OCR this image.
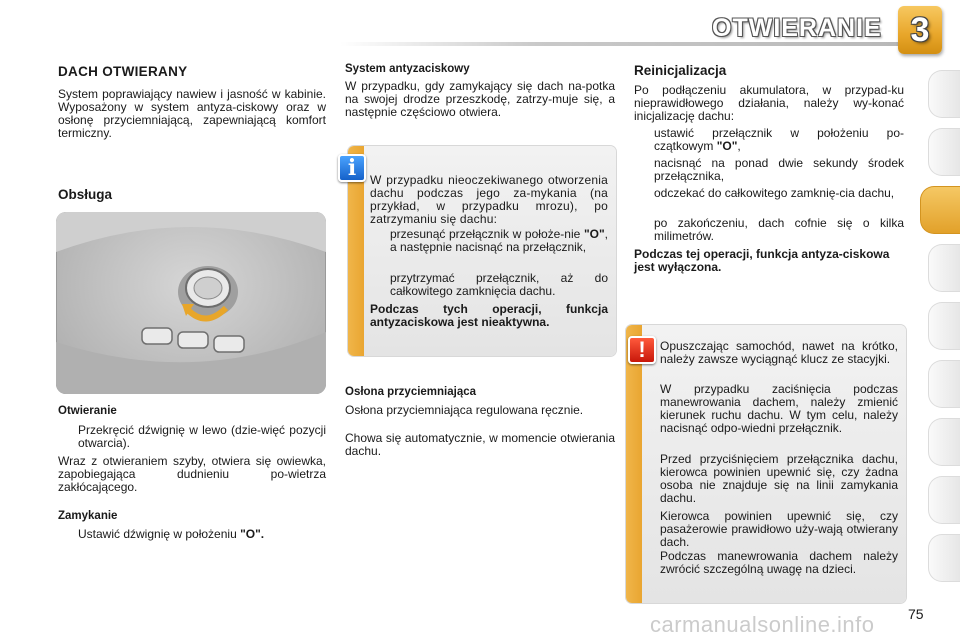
OTWIERANIE 3
DACH OTWIERANY
System poprawiający nawiew i jasność w kabinie. Wyposażony w system antyza-ciskowy oraz w osłonę przyciemniającą, zapewniającą komfort termiczny.
Obsługa
Otwieranie
Przekręcić dźwignię w lewo (dzie-więć pozycji otwarcia).
Wraz z otwieraniem szyby, otwiera się owiewka, zapobiegająca dudnieniu po-wietrza zakłócającego.
Zamykanie
Ustawić dźwignię w położeniu "O".
System antyzaciskowy
W przypadku, gdy zamykający się dach na-potka na swojej drodze przeszkodę, zatrzy-muje się, a następnie częściowo otwiera.
i	W przypadku nieoczekiwanego otworzenia dachu podczas jego za-mykania (na przykład, w przypadku mrozu), po zatrzymaniu się dachu:
przesunąć przełącznik w położe-nie "O", a następnie nacisnąć na przełącznik,
przytrzymać przełącznik, aż do całkowitego zamknięcia dachu.
Podczas tych operacji, funkcja antyzaciskowa jest nieaktywna.
Osłona przyciemniająca
Osłona przyciemniająca regulowana ręcznie.
Chowa się automatycznie, w momencie otwierania dachu.
Reinicjalizacja
Po podłączeniu akumulatora, w przypad-ku nieprawidłowego działania, należy wy-konać inicjalizację dachu:
ustawić przełącznik w położeniu po-czątkowym "O",
nacisnąć na ponad dwie sekundy środek przełącznika,
odczekać do całkowitego zamknię-cia dachu,
po zakończeniu, dach cofnie się o kilka milimetrów.
Podczas tej operacji, funkcja antyza-ciskowa jest wyłączona.
!	Opuszczając samochód, nawet na krótko, należy zawsze wyciągnąć klucz ze stacyjki.
W przypadku zaciśnięcia podczas manewrowania dachem, należy zmienić kierunek ruchu dachu. W tym celu, należy nacisnąć odpo-wiedni przełącznik.
Przed przyciśnięciem przełącznika dachu, kierowca powinien upewnić się, czy żadna osoba nie znajduje się na linii zamykania dachu.
Kierowca powinien upewnić się, czy pasażerowie prawidłowo uży-wają otwierany dach.
Podczas manewrowania dachem należy zwrócić szczególną uwagę na dzieci.
carmanualsonline.info 75
